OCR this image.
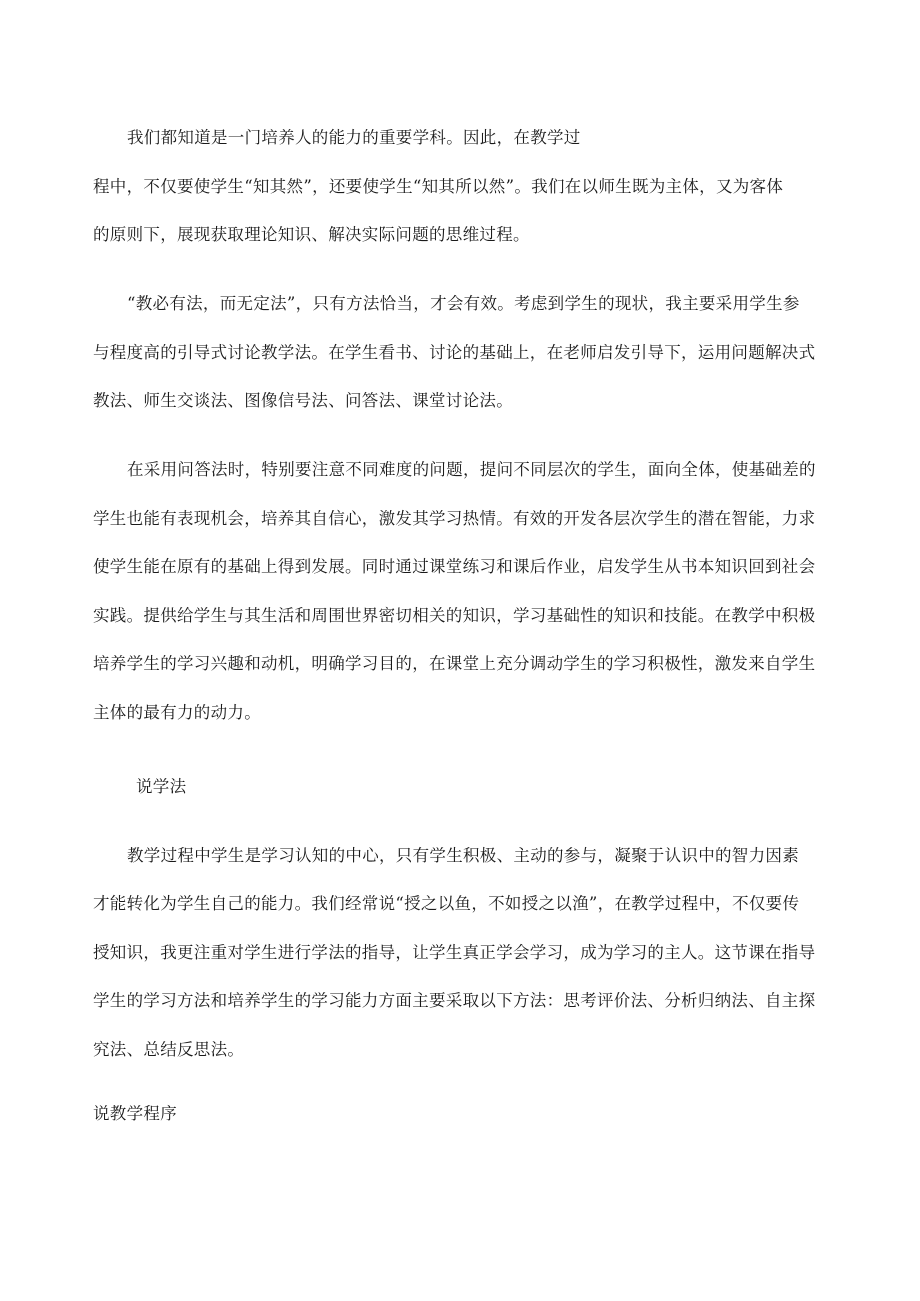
我们都知道是一门培养人的能力的重要学科。因此，在教学过
程中，不仅要使学生“知其然”，还要使学生“知其所以然”。我们在以师生既为主体，又为客体
的原则下，展现获取理论知识、解决实际问题的思维过程。
“教必有法，而无定法”，只有方法恰当，才会有效。考虑到学生的现状，我主要采用学生参
与程度高的引导式讨论教学法。在学生看书、讨论的基础上，在老师启发引导下，运用问题解决式
教法、师生交谈法、图像信号法、问答法、课堂讨论法。
在采用问答法时，特别要注意不同难度的问题，提问不同层次的学生，面向全体，使基础差的
学生也能有表现机会，培养其自信心，激发其学习热情。有效的开发各层次学生的潜在智能，力求
使学生能在原有的基础上得到发展。同时通过课堂练习和课后作业，启发学生从书本知识回到社会
实践。提供给学生与其生活和周围世界密切相关的知识，学习基础性的知识和技能。在教学中积极
培养学生的学习兴趣和动机，明确学习目的，在课堂上充分调动学生的学习积极性，激发来自学生
主体的最有力的动力。
说学法
教学过程中学生是学习认知的中心，只有学生积极、主动的参与，凝聚于认识中的智力因素
才能转化为学生自己的能力。我们经常说“授之以鱼，不如授之以渔”，在教学过程中，不仅要传
授知识，我更注重对学生进行学法的指导，让学生真正学会学习，成为学习的主人。这节课在指导
学生的学习方法和培养学生的学习能力方面主要采取以下方法：思考评价法、分析归纳法、自主探
究法、总结反思法。
说教学程序
